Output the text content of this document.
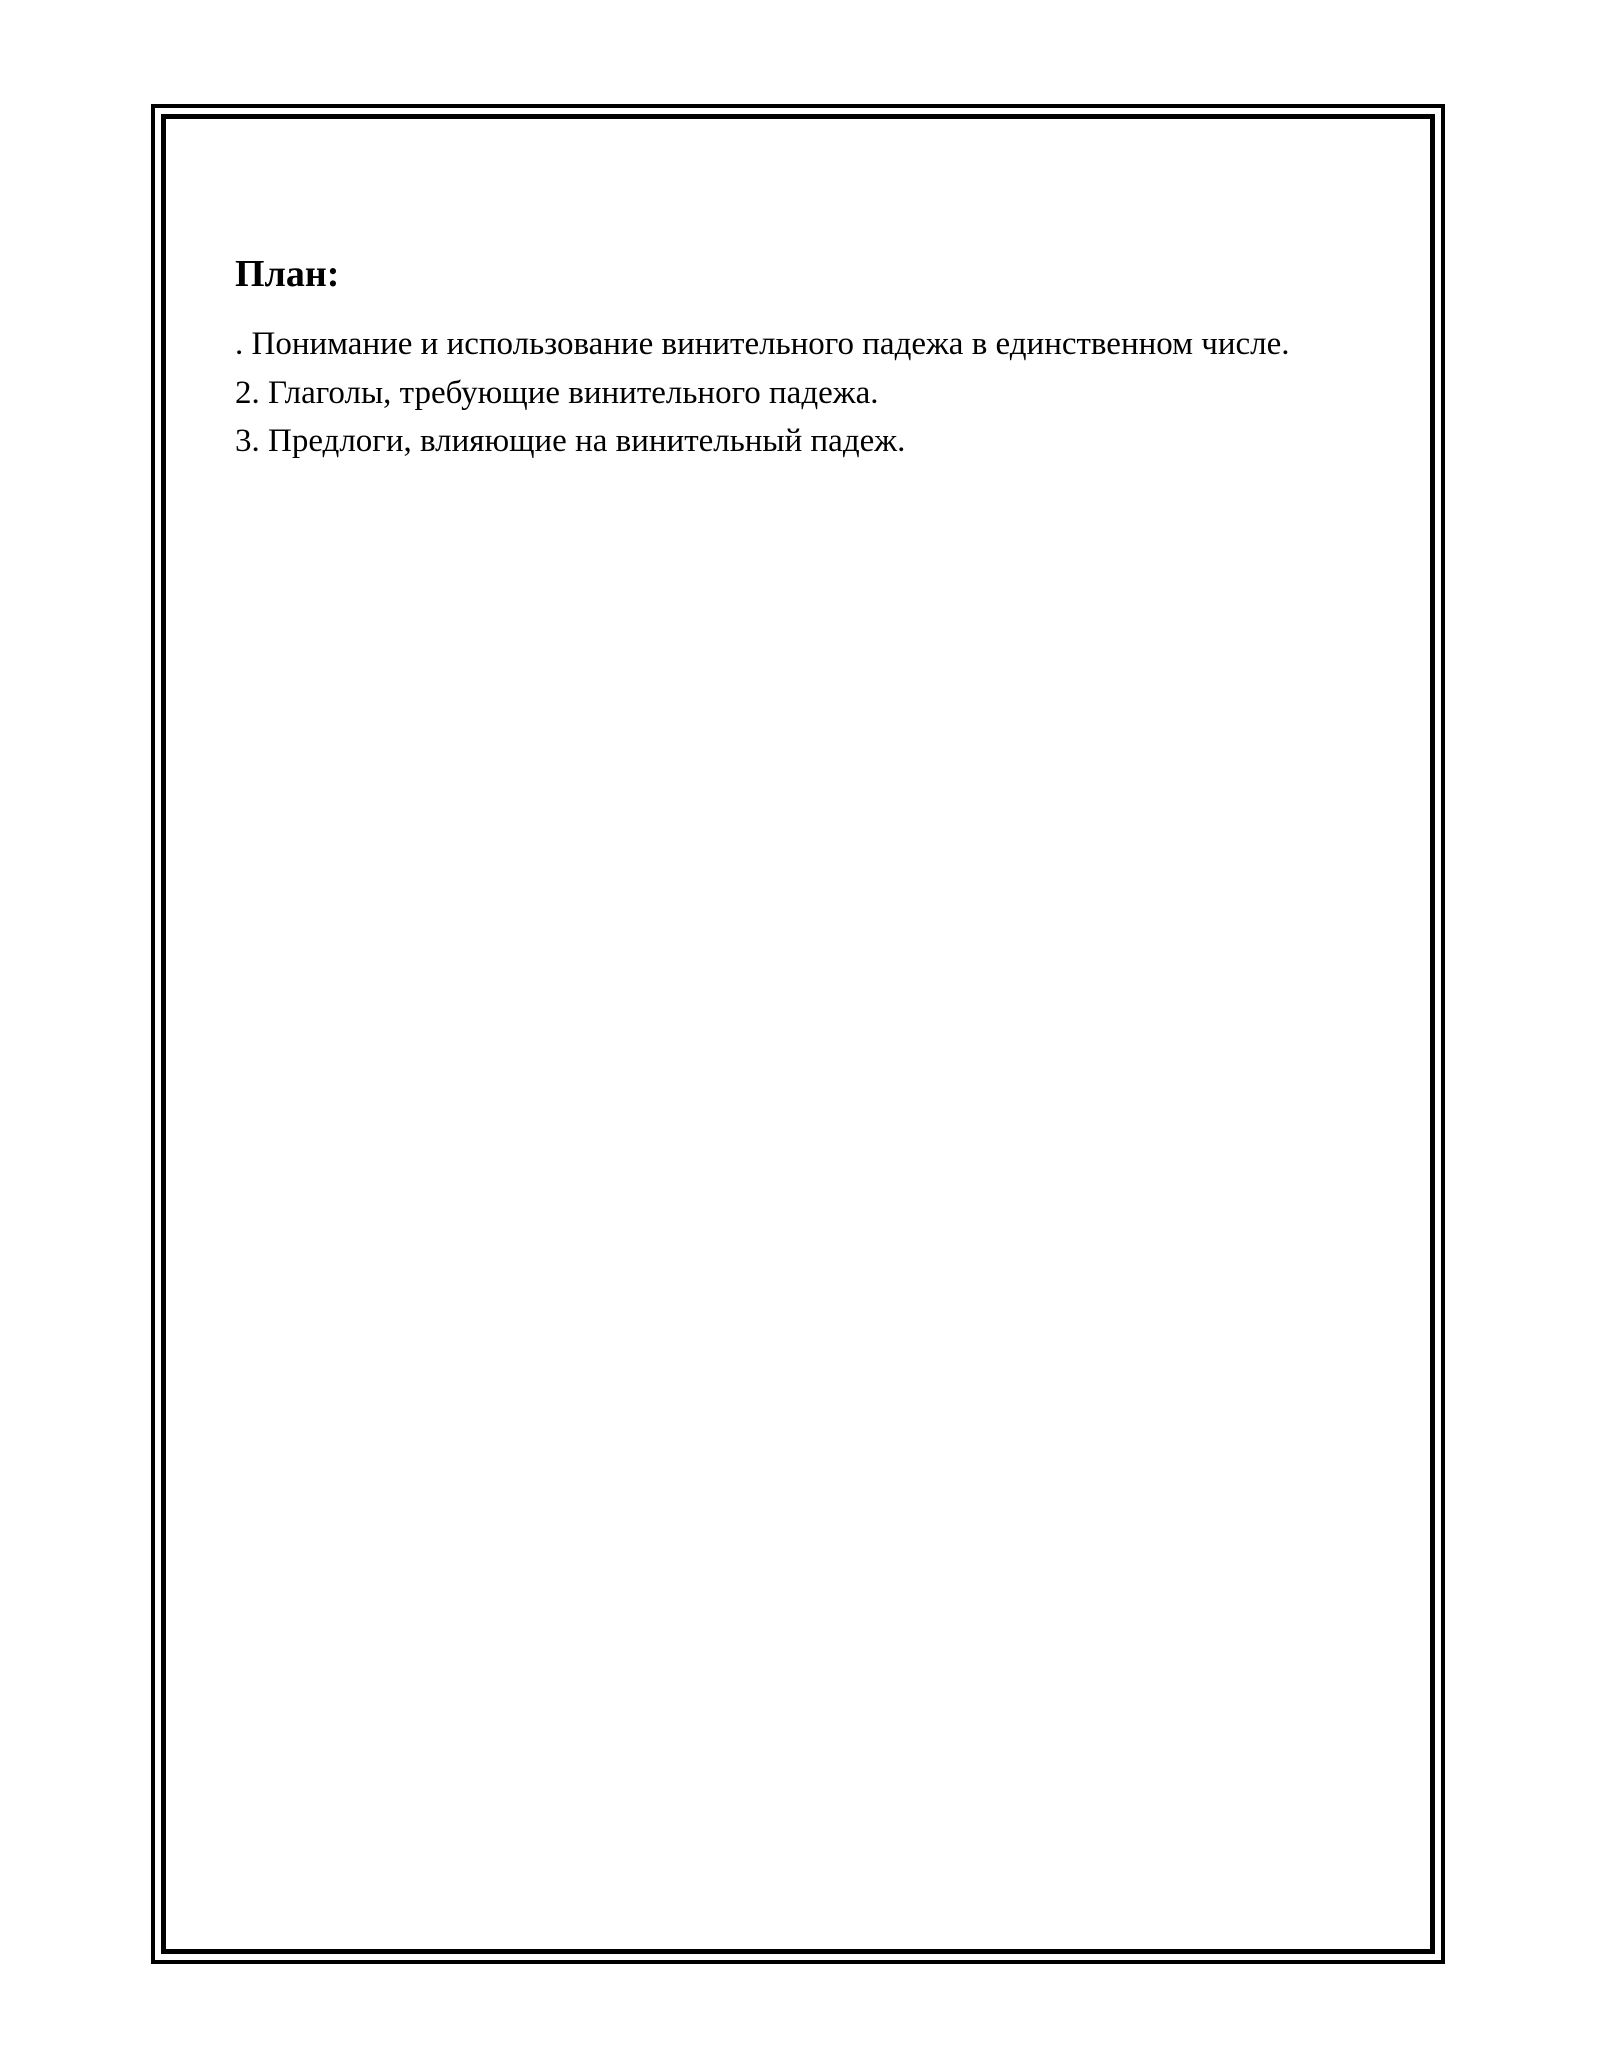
План:
. Понимание и использование винительного падежа в единственном числе.
2. Глаголы, требующие винительного падежа.
3. Предлоги, влияющие на винительный падеж.
